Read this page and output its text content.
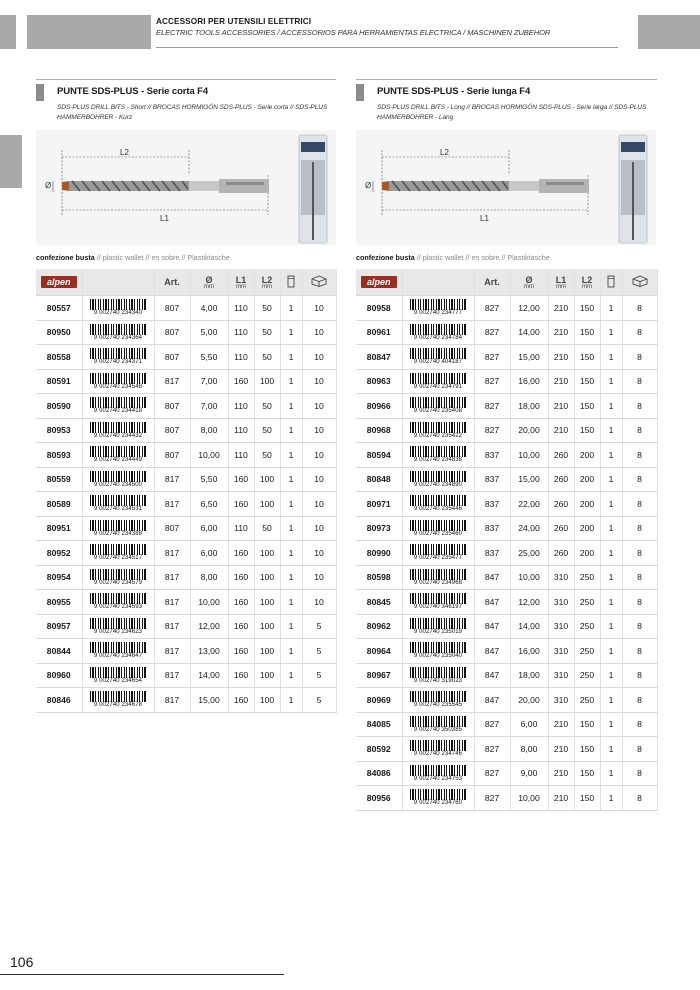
ACCESSORI PER UTENSILI ELETTRICI
ELECTRIC TOOLS ACCESSORIES / ACCESSORIOS PARA HERRAMIENTAS ELECTRICA / MASCHINEN ZUBEHOR
PUNTE SDS-PLUS - Serie corta F4
SDS-PLUS DRILL BITS - Short // BROCAS HORMIGÓN SDS-PLUS - Serie corta // SDS-PLUS
HAMMERBOHRER - Kurz
L2
L1
Ø
confezione busta // plastic wallet // en sobre // Plastiktasche
alpen		Art.	Ø
mm	L1
mm	L2
mm

80557	9 002740 234340	807	4,00	110	50	1	10
80950	9 002740 234364	807	5,00	110	50	1	10
80558	9 002740 234371	807	5,50	110	50	1	10
80591	9 002740 234548	817	7,00	160	100	1	10
80590	9 002740 234418	807	7,00	110	50	1	10
80953	9 002740 234432	807	8,00	110	50	1	10
80593	9 002740 234449	807	10,00	110	50	1	10
80559	9 002740 234500	817	5,50	160	100	1	10
80589	9 002740 234531	817	6,50	160	100	1	10
80951	9 002740 234388	807	6,00	110	50	1	10
80952	9 002740 234517	817	6,00	160	100	1	10
80954	9 002740 234579	817	8,00	160	100	1	10
80955	9 002740 234593	817	10,00	160	100	1	10
80957	9 002740 234623	817	12,00	160	100	1	5
80844	9 002740 234647	817	13,00	160	100	1	5
80960	9 002740 234654	817	14,00	160	100	1	5
80846	9 002740 234678	817	15,00	160	100	1	5
PUNTE SDS-PLUS - Serie lunga F4
SDS-PLUS DRILL BITS - Long // BROCAS HORMIGÓN SDS-PLUS - Serie larga // SDS-PLUS
HAMMERBOHRER - Lang
L2
L1
Ø
confezione busta // plastic wallet // en sobre // Plastiktasche
alpen		Art.	Ø
mm	L1
mm	L2
mm

80958	9 002740 234777	827	12,00	210	150	1	8
80961	9 002740 234784	827	14,00	210	150	1	8
80847	9 002740 404187	827	15,00	210	150	1	8
80963	9 002740 234791	827	16,00	210	150	1	8
80966	9 002740 235408	827	18,00	210	150	1	8
80968	9 002740 235422	827	20,00	210	150	1	8
80594	9 002740 234838	837	10,00	260	200	1	8
80848	9 002740 234890	837	15,00	260	200	1	8
80971	9 002740 235446	837	22,00	260	200	1	8
80973	9 002740 235460	837	24,00	260	200	1	8
80990	9 002740 235477	837	25,00	260	200	1	8
80598	9 002740 234968	847	10,00	310	250	1	8
80845	9 002740 346197	847	12,00	310	250	1	8
80962	9 002740 235019	847	14,00	310	250	1	8
80964	9 002740 235040	847	16,00	310	250	1	8
80967	9 002740 319023	847	18,00	310	250	1	8
80969	9 002740 235545	847	20,00	310	250	1	8
84085	9 002740 350385	827	6,00	210	150	1	8
80592	9 002740 234746	827	8,00	210	150	1	8
84086	9 002740 234753	827	9,00	210	150	1	8
80956	9 002740 234760	827	10,00	210	150	1	8
106
